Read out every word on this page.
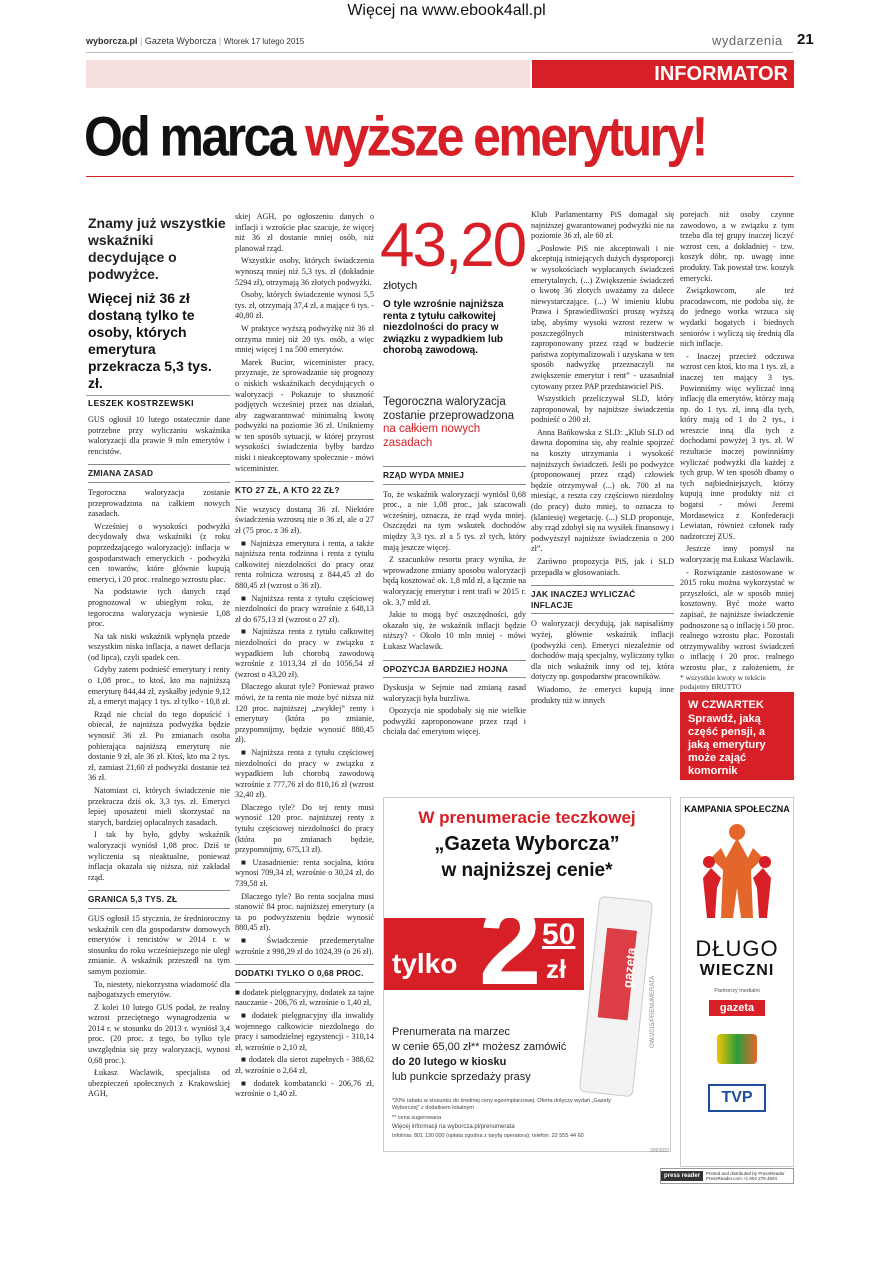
Więcej na www.ebook4all.pl
wyborcza.pl | Gazeta Wyborcza | Wtorek 17 lutego 2015	wydarzenia 21
INFORMATOR
Od marca wyższe emerytury!
Znamy już wszystkie wskaźniki decydujące o podwyżce.
Więcej niż 36 zł dostaną tylko te osoby, których emerytura przekracza 5,3 tys. zł.
LESZEK KOSTRZEWSKI

GUS ogłosił 10 lutego ostatecznie dane potrzebne przy wyliczaniu wskaźnika waloryzacji dla prawie 9 mln emerytów i rencistów.

ZMIANA ZASAD

Tegoroczna waloryzacja zostanie przeprowadzona na całkiem nowych zasadach.

Wcześniej o wysokości podwyżki decydowały dwa wskaźniki (z roku poprzedzającego waloryzację): inflacja w gospodarstwach emeryckich - podwyżki cen towarów, które głównie kupują emeryci, i 20 proc. realnego wzrostu płac.

Na podstawie tych danych rząd prognozował w ubiegłym roku, że tegoroczna waloryzacja wyniesie 1,08 proc.

Na tak niski wskaźnik wpłynęła przede wszystkim niska inflacja, a nawet deflacja (od lipca), czyli spadek cen.

Gdyby zatem podnieść emerytury i renty o 1,08 proc., to ktoś, kto ma najniższą emeryturę 844,44 zł, zyskałby jedynie 9,12 zł, a emeryt mający 1 tys. zł tylko - 10,8 zł.

Rząd nie chciał do tego dopuścić i obiecał, że najniższa podwyżka będzie wynosić 36 zł. Po zmianach osoba pobierająca najniższą emeryturę nie dostanie 9 zł, ale 36 zł. Ktoś, kto ma 2 tys. zł, zamiast 21,60 zł podwyżki dostanie też 36 zł.

Natomiast ci, których świadczenie nie przekracza dziś ok. 3,3 tys. zł. Emeryci lepiej uposażeni mieli skorzystać na starych, bardziej opłacalnych zasadach.

I tak by było, gdyby wskaźnik waloryzacji wyniósł 1,08 proc. Dziś te wyliczenia są nieaktualne, ponieważ inflacja okazała się niższa, niż zakładał rząd.

GRANICA 5,3 TYS. ZŁ

GUS ogłosił 15 stycznia, że średnioroczny wskaźnik cen dla gospodarstw domowych emerytów i rencistów w 2014 r. w stosunku do roku wcześniejszego nie uległ zmianie. A wskaźnik przeszedł na tym samym poziomie.

To, niestety, niekorzystna wiadomość dla najbogatszych emerytów.

Z kolei 10 lutego GUS podał, że realny wzrost przeciętnego wynagrodzenia w 2014 r. w stosunku do 2013 r. wyniósł 3,4 proc. (20 proc. z tego, bo tylko tyle uwzględnia się przy waloryzacji, wynosi 0,68 proc.).

Łukasz Waclawik, specjalista od ubezpieczeń społecznych z Krakowskiej AGH,

skiej AGH, po ogłoszeniu danych o inflacji i wzroście płac szacuje, że więcej niż 36 zł dostanie mniej osób, niż planował rząd.

Wszystkie osoby, których świadczenia wynoszą mniej niż 5,3 tys. zł (dokładnie 5294 zł), otrzymają 36 złotych podwyżki.

Osoby, których świadczenie wynosi 5,5 tys. zł, otrzymają 37,4 zł, a mające 6 tys. - 40,80 zł.

W praktyce wyższą podwyżkę niż 36 zł otrzyma mniej niż 20 tys. osób, a więc mniej więcej 1 na 500 emerytów.

Marek Bucior, wiceminister pracy, przyznaje, że sprowadzanie się prognozy o niskich wskaźnikach decydujących o waloryzacji - Pokazuje to słuszność podjętych wcześniej przez nas działań, aby zagwarantować minimalną kwotę podwyżki na poziomie 36 zł. Unikniemy w ten sposób sytuacji, w której przyrost wysokości świadczenia byłby bardzo niski i nieakceptowany społecznie - mówi wiceminister.

KTO 27 ZŁ, A KTO 22 ZŁ?

Nie wszyscy dostaną 36 zł. Niektóre świadczenia wzrosną nie o 36 zł, ale o 27 zł (75 proc. z 36 zł).

■ Najniższa emerytura i renta, a także najniższa renta rodzinna i renta z tytułu całkowitej niezdolności do pracy oraz renta rolnicza wzrosną z 844,45 zł do 880,45 zł (wzrost o 36 zł).

■ Najniższa renta z tytułu częściowej niezdolności do pracy wzrośnie z 648,13 zł do 675,13 zł (wzrost o 27 zł).

■ Najniższa renta z tytułu całkowitej niezdolności do pracy w związku z wypadkiem lub chorobą zawodową wzrośnie z 1013,34 zł do 1056,54 zł (wzrost o 43,20 zł).

Dlaczego akurat tyle? Ponieważ prawo mówi, że ta renta nie może być niższa niż 120 proc. najniższej „zwykłej” renty i emerytury (która po zmianie, przypomnijmy, będzie wynosić 880,45 zł).

■ Najniższa renta z tytułu częściowej niezdolności do pracy w związku z wypadkiem lub chorobą zawodową wzrośnie z 777,76 zł do 810,16 zł (wzrost 32,40 zł).

Dlaczego tyle? Do tej renty musi wynosić 120 proc. najniższej renty z tytułu częściowej niezdolności do pracy (która po zmianach będzie, przypomnijmy, 675,13 zł).

■ Uzasadnienie: renta socjalna, która wynosi 709,34 zł, wzrośnie o 30,24 zł, do 739,58 zł.

Dlaczego tyle? Bo renta socjalna musi stanowić 84 proc. najniższej emerytury (a ta po podwyższeniu będzie wynosić 880,45 zł).

■ Świadczenie przedemerytalne wzrośnie z 998,29 zł do 1024,39 (o 26 zł).

DODATKI TYLKO O 0,68 PROC.

■ dodatek pielęgnacyjny, dodatek za tajne nauczanie - 206,76 zł, wzrośnie o 1,40 zł,

■ dodatek pielęgnacyjny dla inwalidy wojennego całkowicie niezdolnego do pracy i samodzielnej egzystencji - 310,14 zł, wzrośnie o 2,10 zł,

■ dodatek dla sierot zupełnych - 388,62 zł, wzrośnie o 2,64 zł,

■ dodatek kombatancki - 206,76 zł, wzrośnie o 1,40 zł.

43,20
złotych
O tyle wzrośnie najniższa renta z tytułu całkowitej niezdolności do pracy w związku z wypadkiem lub chorobą zawodową.
Tegoroczna waloryzacja zostanie przeprowadzona na całkiem nowych zasadach
RZĄD WYDA MNIEJ

To, że wskaźnik waloryzacji wyniósł 0,68 proc., a nie 1,08 proc., jak szacowali wcześniej, oznacza, że rząd wyda mniej. Oszczędzi na tym wskutek dochodów między 3,3 tys. zł a 5 tys. zł tych, który mają jeszcze więcej.

Z szacunków resortu pracy wynika, że wprowadzone zmiany sposobu waloryzacji będą kosztować ok. 1,8 mld zł, a łącznie na waloryzację emerytur i rent trafi w 2015 r. ok. 3,7 mld zł.

Jakie to mogą być oszczędności, gdy okazało się, że wskaźnik inflacji będzie niższy? - Około 10 mln mniej - mówi Łukasz Waclawik.

OPOZYCJA BARDZIEJ HOJNA

Dyskusja w Sejmie nad zmianą zasad waloryzacji była burzliwa.

Opozycja nie spodobały się nie wielkie podwyżki zaproponowane przez rząd i chciała dać emerytom więcej.

Klub Parlamentarny PiS domagał się najniższej gwarantowanej podwyżki nie na poziomie 36 zł, ale 60 zł.

„Posłowie PiS nie akceptowali i nie akceptują istniejących dużych dysproporcji w wysokościach wypłacanych świadczeń emerytalnych. (...) Zwiększenie świadczeń o kwotę 36 złotych uważamy za dalece niewystarczające. (...) W imieniu klubu Prawa i Sprawiedliwości proszę wyższą izbę, abyśmy wysoki wzrost rezerw w poszczególnych ministerstwach zaproponowany przez rząd w budżecie państwa zoptymalizowali i uzyskana w ten sposób nadwyżkę przeznaczyli na zwiększenie emerytur i rent” - uzasadniał cytowany przez PAP przedstawiciel PiS.

Wszystkich przeliczywał SLD, który zaproponował, by najniższe świadczenia podnieść o 200 zł.

Anna Bańkowska z SLD: „Klub SLD od dawna dopomina się, aby realnie spojrzeć na koszty utrzymania i wysokość najniższych świadczeń. Jeśli po podwyżce (proponowanej przez rząd) człowiek będzie otrzymywał (...) ok. 700 zł na miesiąc, a reszta czy częściowo niezdolny (do pracy) dużo mniej, to oznacza to (klaniesię) wegetację. (...) SLD proponuje, aby rząd zdobył się na wysiłek finansowy i podwyższył najniższe świadczenia o 200 zł”.

Zarówno propozycja PiS, jak i SLD przepadła w głosowaniach.

JAK INACZEJ WYLICZAĆ INFLACJE

O waloryzacji decydują, jak napisaliśmy wyżej, głównie wskaźnik inflacji (podwyżki cen). Emeryci niezależnie od dochodów mają specjalny, wyliczony tylko dla nich wskaźnik inny od tej, która dotyczy np. gospodarstw pracowników.

Wiadomo, że emeryci kupują inne produkty niż w innych

porejach niż osoby czynne zawodowo, a w związku z tym trzeba dla tej grupy inaczej liczyć wzrost cen, a dokładniej - tzw. koszyk dóbr, np. uwagę inne produkty. Tak powstał tzw. koszyk emerycki.

Związkowcom, ale też pracodawcom, nie podoba się, że do jednego worka wrzuca się wydatki bogatych i biednych seniorów i wyliczą się średnią dla nich inflacje.

- Inaczej przecież odczuwa wzrost cen ktoś, kto ma 1 tys. zł, a inaczej ten mający 3 tys. Powinniśmy więc wyliczać inną inflację dla emerytów, którzy mają np. do 1 tys. zł, inną dla tych, który mają od 1 do 2 tys., i wreszcie inną dla tych z dochodami powyżej 3 tys. zł. W rezultacie inaczej powinniśmy wyliczać podwyżki dla każdej z tych grup. W ten sposób dbamy o tych najbiedniejszych, którzy kupują inne produkty niż ci bogatsi - mówi Jeremi Mordasewicz z Konfederacji Lewiatan, również członek rady nadzorczej ZUS.

Jeszcze inny pomysł na waloryzację ma Łukasz Waclawik.

- Rozwiązanie zastosowane w 2015 roku można wykorzystać w przyszłości, ale w sposób mniej kosztowny. Być może warto zapisać, że najniższe świadczenie podnoszone są o inflację i 50 proc. realnego wzrostu płac. Pozostali otrzymywaliby wzrost świadczeń o inflację i 20 proc. realnego wzrostu płac, z założeniem, że

* wszystkie kwoty w tekście podajemy BRUTTO
W CZWARTEK
Sprawdź, jaką część pensji, a jaką emerytury może zająć komornik
W prenumeracie teczkowej
„Gazeta Wyborcza”
w najniższej cenie*
tylko 2 50
zł
Prenumerata na marzec
w cenie 65,00 zł** możesz zamówić
do 20 lutego w kiosku
lub punkcie sprzedaży prasy
*20% rabatu w stosunku do średniej ceny egzemplarzowej. Oferta dotyczy wydań „Gazety Wyborczej” z dodatkiem lokalnym
** cena sugerowana
Więcej informacji na wyborcza.pl/prenumerata
Infolinia: 801 130 000 (opłata zgodna z taryfą operatora); telefon: 22 555 44 60
gazeta
GW/2015/PRENUMERATA
2093937
KAMPANIA SPOŁECZNA
DŁUGO
WIECZNI
Partnerzy medialni
gazeta
TVP
press reader	Printed and distributed by PressReader PressReader.com +1 604 278 4604
